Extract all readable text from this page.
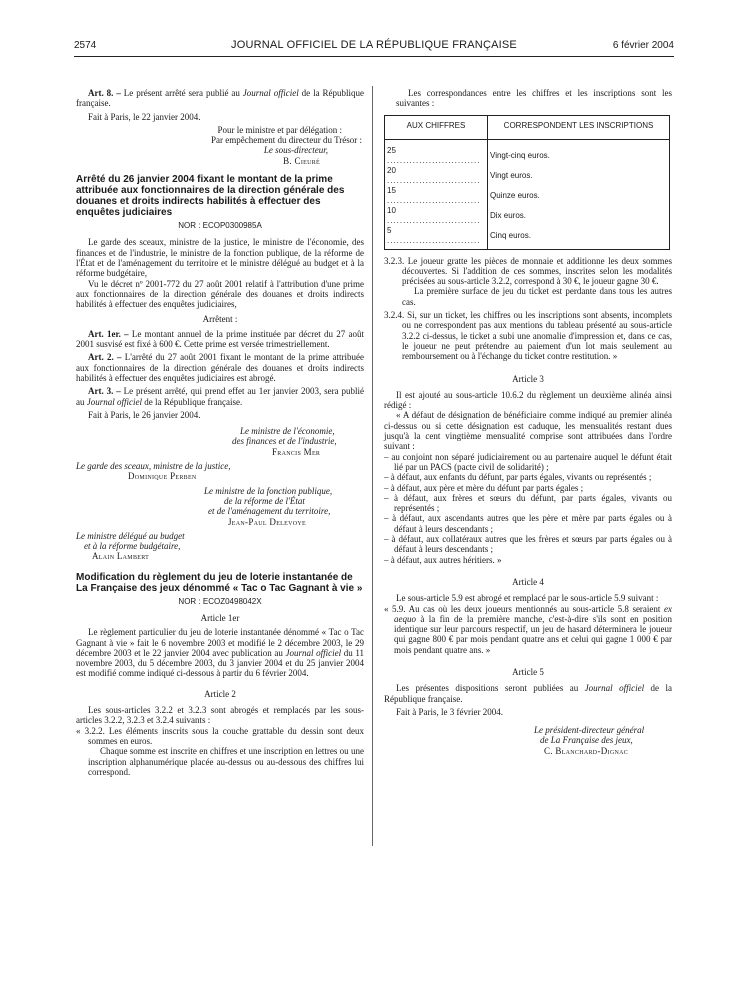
2574	JOURNAL OFFICIEL DE LA RÉPUBLIQUE FRANÇAISE	6 février 2004

Art. 8. – Le présent arrêté sera publié au Journal officiel de la République française.

Fait à Paris, le 22 janvier 2004.

Pour le ministre et par délégation :

Par empêchement du directeur du Trésor :

Le sous-directeur,

B. Cieuré

Arrêté du 26 janvier 2004 fixant le montant de la prime attribuée aux fonctionnaires de la direction générale des douanes et droits indirects habilités à effectuer des enquêtes judiciaires

NOR : ECOP0300985A

Le garde des sceaux, ministre de la justice, le ministre de l'économie, des finances et de l'industrie, le ministre de la fonction publique, de la réforme de l'État et de l'aménagement du territoire et le ministre délégué au budget et à la réforme budgétaire,

Vu le décret nº 2001-772 du 27 août 2001 relatif à l'attribution d'une prime aux fonctionnaires de la direction générale des douanes et droits indirects habilités à effectuer des enquêtes judiciaires,

Arrêtent :

Art. 1er. – Le montant annuel de la prime instituée par décret du 27 août 2001 susvisé est fixé à 600 €. Cette prime est versée trimestriellement.

Art. 2. – L'arrêté du 27 août 2001 fixant le montant de la prime attribuée aux fonctionnaires de la direction générale des douanes et droits indirects habilités à effectuer des enquêtes judiciaires est abrogé.

Art. 3. – Le présent arrêté, qui prend effet au 1er janvier 2003, sera publié au Journal officiel de la République française.

Fait à Paris, le 26 janvier 2004.

Le ministre de l'économie,
des finances et de l'industrie,
Francis Mer
Le garde des sceaux, ministre de la justice,
Dominique Perben
Le ministre de la fonction publique,
de la réforme de l'État
et de l'aménagement du territoire,
Jean-Paul Delevoye
Le ministre délégué au budget
et à la réforme budgétaire,
Alain Lambert

Modification du règlement du jeu de loterie instantanée de La Française des jeux dénommé « Tac o Tac Gagnant à vie »

NOR : ECOZ0498042X

Article 1er

Le règlement particulier du jeu de loterie instantanée dénommé « Tac o Tac Gagnant à vie » fait le 6 novembre 2003 et modifié le 2 décembre 2003, le 29 décembre 2003 et le 22 janvier 2004 avec publication au Journal officiel du 11 novembre 2003, du 5 décembre 2003, du 3 janvier 2004 et du 25 janvier 2004 est modifié comme indiqué ci-dessous à partir du 6 février 2004.

Article 2

Les sous-articles 3.2.2 et 3.2.3 sont abrogés et remplacés par les sous-articles 3.2.2, 3.2.3 et 3.2.4 suivants :

« 3.2.2. Les éléments inscrits sous la couche grattable du dessin sont deux sommes en euros.

Chaque somme est inscrite en chiffres et une inscription en lettres ou une inscription alphanumérique placée au-dessus ou au-dessous des chiffres lui correspond.

Les correspondances entre les chiffres et les inscriptions sont les suivantes :

AUX CHIFFRES	CORRESPONDENT LES INSCRIPTIONS

25 .....	Vingt-cinq euros.
20 .....	Vingt euros.
15 .....	Quinze euros.
10 .....	Dix euros.
5 .....	Cinq euros.

3.2.3. Le joueur gratte les pièces de monnaie et additionne les deux sommes découvertes. Si l'addition de ces sommes, inscrites selon les modalités précisées au sous-article 3.2.2, correspond à 30 €, le joueur gagne 30 €.

La première surface de jeu du ticket est perdante dans tous les autres cas.

3.2.4. Si, sur un ticket, les chiffres ou les inscriptions sont absents, incomplets ou ne correspondent pas aux mentions du tableau présenté au sous-article 3.2.2 ci-dessus, le ticket a subi une anomalie d'impression et, dans ce cas, le joueur ne peut prétendre au paiement d'un lot mais seulement au remboursement ou à l'échange du ticket contre restitution. »

Article 3

Il est ajouté au sous-article 10.6.2 du règlement un deuxième alinéa ainsi rédigé :

« A défaut de désignation de bénéficiaire comme indiqué au premier alinéa ci-dessus ou si cette désignation est caduque, les mensualités restant dues jusqu'à la cent vingtième mensualité comprise sont attribuées dans l'ordre suivant :

– au conjoint non séparé judiciairement ou au partenaire auquel le défunt était lié par un PACS (pacte civil de solidarité) ;

– à défaut, aux enfants du défunt, par parts égales, vivants ou représentés ;

– à défaut, aux père et mère du défunt par parts égales ;

– à défaut, aux frères et sœurs du défunt, par parts égales, vivants ou représentés ;

– à défaut, aux ascendants autres que les père et mère par parts égales ou à défaut à leurs descendants ;

– à défaut, aux collatéraux autres que les frères et sœurs par parts égales ou à défaut à leurs descendants ;

– à défaut, aux autres héritiers. »

Article 4

Le sous-article 5.9 est abrogé et remplacé par le sous-article 5.9 suivant :

« 5.9. Au cas où les deux joueurs mentionnés au sous-article 5.8 seraient ex aequo à la fin de la première manche, c'est-à-dire s'ils sont en position identique sur leur parcours respectif, un jeu de hasard déterminera le joueur qui gagne 800 € par mois pendant quatre ans et celui qui gagne 1 000 € par mois pendant quatre ans. »

Article 5

Les présentes dispositions seront publiées au Journal officiel de la République française.

Fait à Paris, le 3 février 2004.

Le président-directeur général
de La Française des jeux,
C. Blanchard-Dignac
